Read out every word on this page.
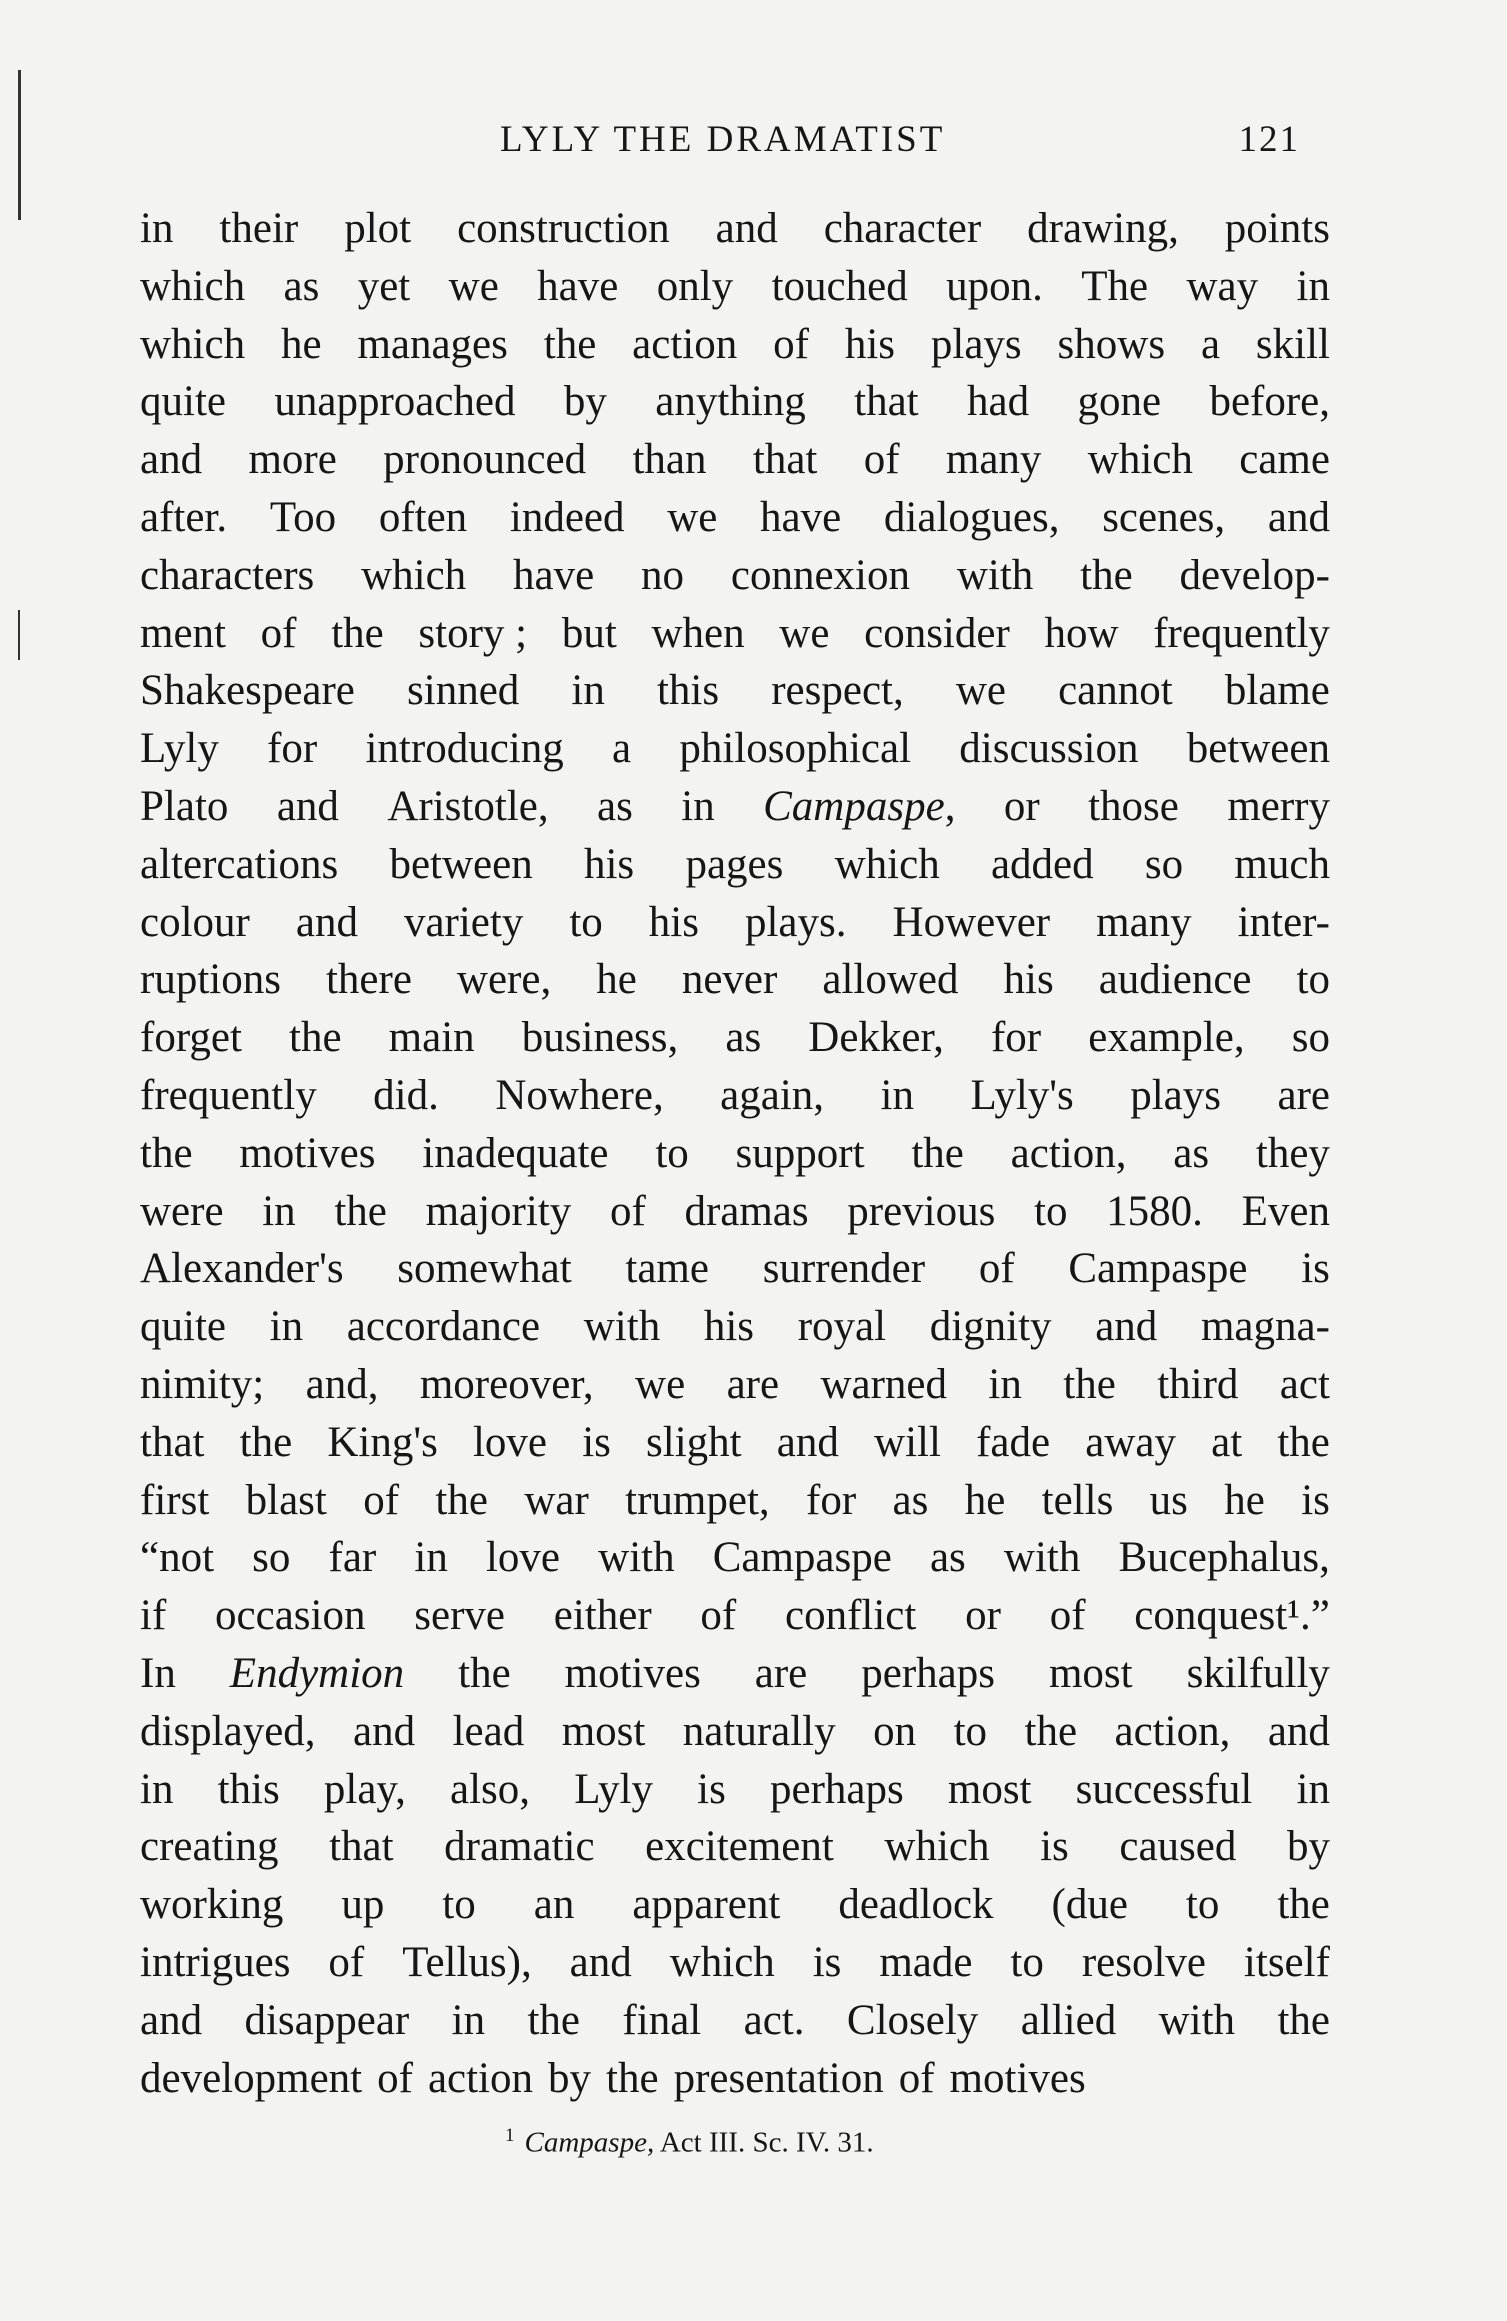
LYLY THE DRAMATIST	121
in their plot construction and character drawing, points
which as yet we have only touched upon. The way in
which he manages the action of his plays shows a skill
quite unapproached by anything that had gone before,
and more pronounced than that of many which came
after. Too often indeed we have dialogues, scenes, and
characters which have no connexion with the develop-
ment of the story ; but when we consider how frequently
Shakespeare sinned in this respect, we cannot blame
Lyly for introducing a philosophical discussion between
Plato and Aristotle, as in Campaspe, or those merry
altercations between his pages which added so much
colour and variety to his plays. However many inter-
ruptions there were, he never allowed his audience to
forget the main business, as Dekker, for example, so
frequently did. Nowhere, again, in Lyly's plays are
the motives inadequate to support the action, as they
were in the majority of dramas previous to 1580. Even
Alexander's somewhat tame surrender of Campaspe is
quite in accordance with his royal dignity and magna-
nimity; and, moreover, we are warned in the third act
that the King's love is slight and will fade away at the
first blast of the war trumpet, for as he tells us he is
“not so far in love with Campaspe as with Bucephalus,
if occasion serve either of conflict or of conquest¹.”
In Endymion the motives are perhaps most skilfully
displayed, and lead most naturally on to the action, and
in this play, also, Lyly is perhaps most successful in
creating that dramatic excitement which is caused by
working up to an apparent deadlock (due to the
intrigues of Tellus), and which is made to resolve itself
and disappear in the final act. Closely allied with the
development of action by the presentation of motives
$^1$ Campaspe, Act III. Sc. IV. 31.
